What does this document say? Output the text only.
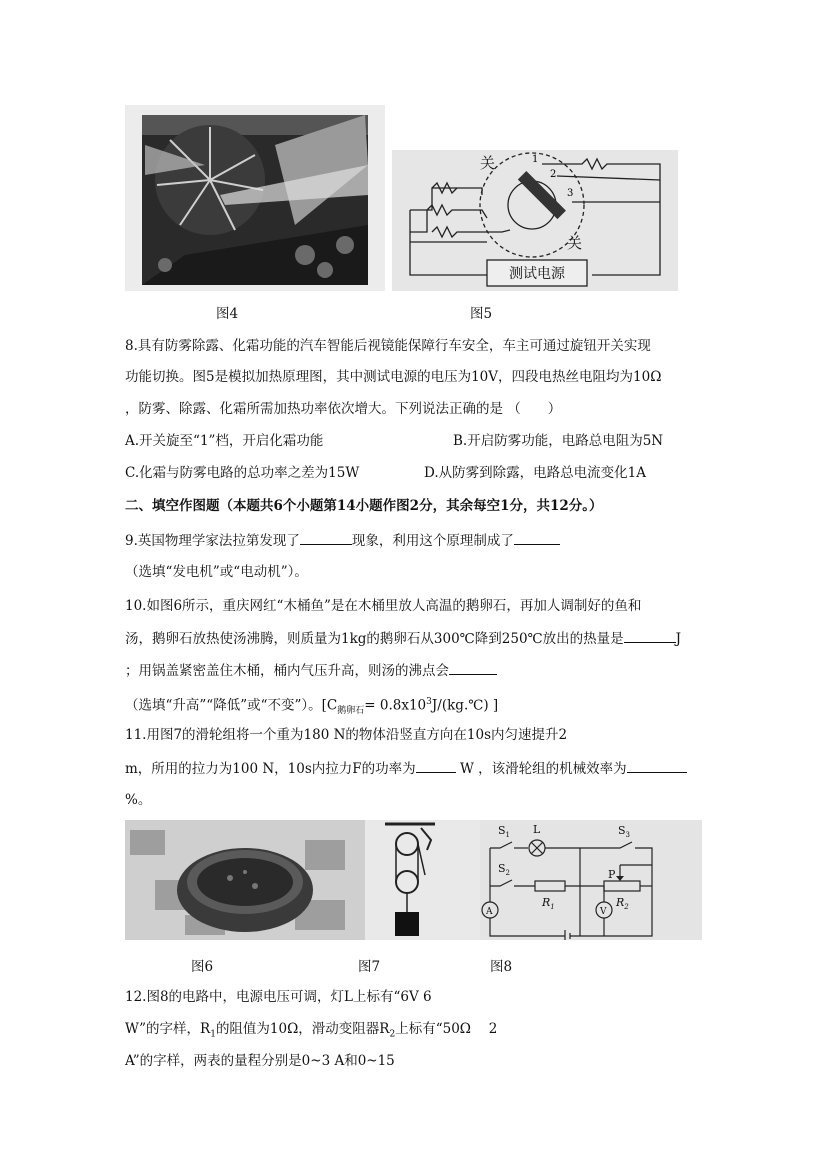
测试电源
关
关
1
2
3
图4	图5
8.具有防雾除露、化霜功能的汽车智能后视镜能保障行车安全，车主可通过旋钮开关实现
功能切换。图5是模拟加热原理图，其中测试电源的电压为10V，四段电热丝电阻均为10Ω
，防雾、除露、化霜所需加热功率依次增大。下列说法正确的是 （　　）
A.开关旋至“1”档，开启化霜功能	B.开启防雾功能，电路总电阻为5Ν
C.化霜与防雾电路的总功率之差为15W	D.从防雾到除露，电路总电流变化1A
二、填空作图题（本题共6个小题第14小题作图2分，其余每空1分，共12分。）
9.英国物理学家法拉第发现了	现象，利用这个原理制成了
（选填“发电机”或“电动机”）。
10.如图6所示，重庆网红“木桶鱼”是在木桶里放人高温的鹅卵石，再加人调制好的鱼和
汤，鹅卵石放热使汤沸腾，则质量为1kg的鹅卵石从300℃降到250℃放出的热量是	J
；用锅盖紧密盖住木桶，桶内气压升高，则汤的沸点会
（选填“升高”“降低”或“不变”）。[$C_{鹅卵石}=$ $0.8x10^3J/(kg.℃)$ ]
11.用图7的滑轮组将一个重为180 N的物体沿竖直方向在10s内匀速提升2
m，所用的拉力为100 N，10s内拉力F的功率为	W ，该滑轮组的机械效率为
%。
$S_1$ L	$S_3$
$S_2$	P
$R_1$	$R_2$
A	V
图6	图7	图8
12.图8的电路中，电源电压可调，灯L上标有“6V 6
W”的字样，$R_1$的阻值为10Ω，滑动变阻器$R_2$上标有“50Ω　 2
A”的字样，两表的量程分别是0~3 A和0~15
